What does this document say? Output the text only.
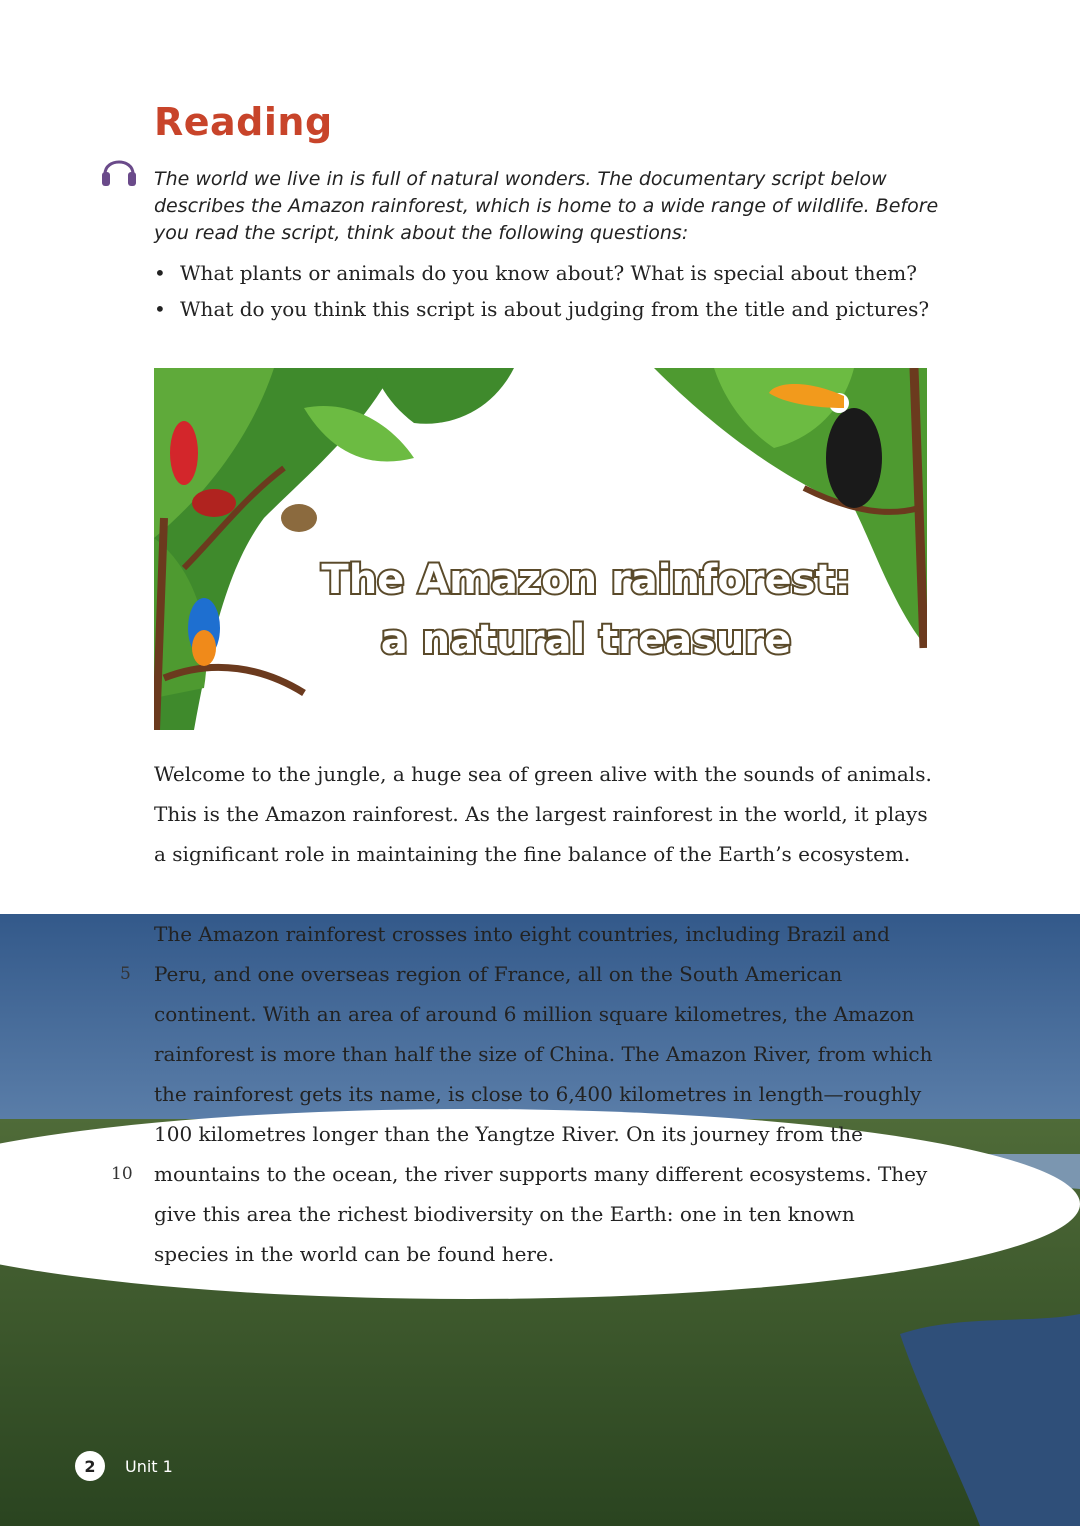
Reading

The world we live in is full of natural wonders. The documentary script below describes the Amazon rainforest, which is home to a wide range of wildlife. Before you read the script, think about the following questions:

• What plants or animals do you know about? What is special about them?
• What do you think this script is about judging from the title and pictures?
The Amazon rainforest:
a natural treasure

Welcome to the jungle, a huge sea of green alive with the sounds of animals. This is the Amazon rainforest. As the largest rainforest in the world, it plays a significant role in maintaining the fine balance of the Earth’s ecosystem.

The Amazon rainforest crosses into eight countries, including Brazil and Peru, and one overseas region of France, all on the South American continent. With an area of around 6 million square kilometres, the Amazon rainforest is more than half the size of China. The Amazon River, from which the rainforest gets its name, is close to 6,400 kilometres in length—roughly 100 kilometres longer than the Yangtze River. On its journey from the mountains to the ocean, the river supports many different ecosystems. They give this area the richest biodiversity on the Earth: one in ten known species in the world can be found here.

5
10
2	Unit 1
